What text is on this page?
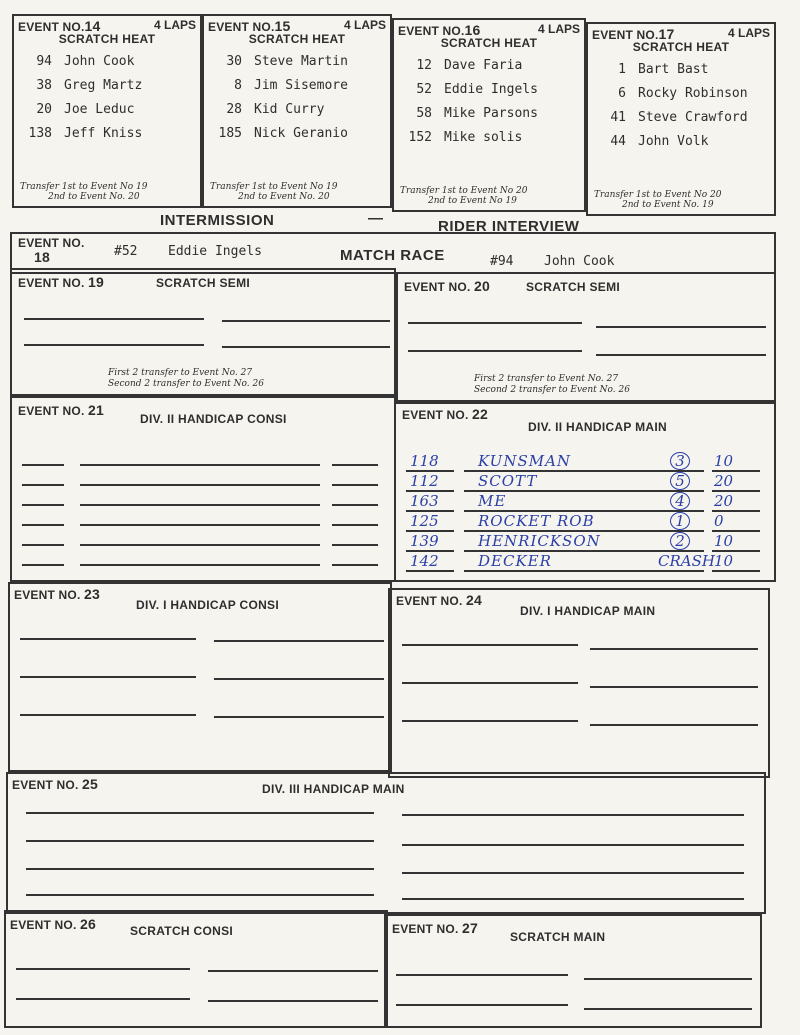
EVENT NO.14	4 LAPS
SCRATCH HEAT
94 John Cook
38 Greg Martz
20 Joe Leduc
138 Jeff Kniss
Transfer 1st to Event No 19
2nd to Event No. 20
EVENT NO.15	4 LAPS
SCRATCH HEAT
30 Steve Martin
8 Jim Sisemore
28 Kid Curry
185 Nick Geranio
Transfer 1st to Event No 19
2nd to Event No. 20
EVENT NO.16	4 LAPS
SCRATCH HEAT
12 Dave Faria
52 Eddie Ingels
58 Mike Parsons
152 Mike solis
Transfer 1st to Event No 20
2nd to Event No 19
EVENT NO.17	4 LAPS
SCRATCH HEAT
1 Bart Bast
6 Rocky Robinson
41 Steve Crawford
44 John Volk
Transfer 1st to Event No 20
2nd to Event No. 19
INTERMISSION	—	RIDER INTERVIEW
EVENT NO.
18	#52 Eddie Ingels	MATCH RACE	#94 John Cook
EVENT NO. 19	SCRATCH SEMI
First 2 transfer to Event No. 27
Second 2 transfer to Event No. 26
EVENT NO. 20	SCRATCH SEMI
First 2 transfer to Event No. 27
Second 2 transfer to Event No. 26
EVENT NO. 21
DIV. II HANDICAP CONSI	EVENT NO. 22
DIV. II HANDICAP MAIN
118	KUNSMAN	3	10
112	SCOTT	5	20
163	ME	4	20
125	ROCKET ROB	1	0
139	HENRICKSON	2	10
142	DECKER	CRASH 10
EVENT NO. 23
DIV. I HANDICAP CONSI	EVENT NO. 24
DIV. I HANDICAP MAIN
EVENT NO. 25	DIV. III HANDICAP MAIN
EVENT NO. 26	SCRATCH CONSI	EVENT NO. 27
SCRATCH MAIN
